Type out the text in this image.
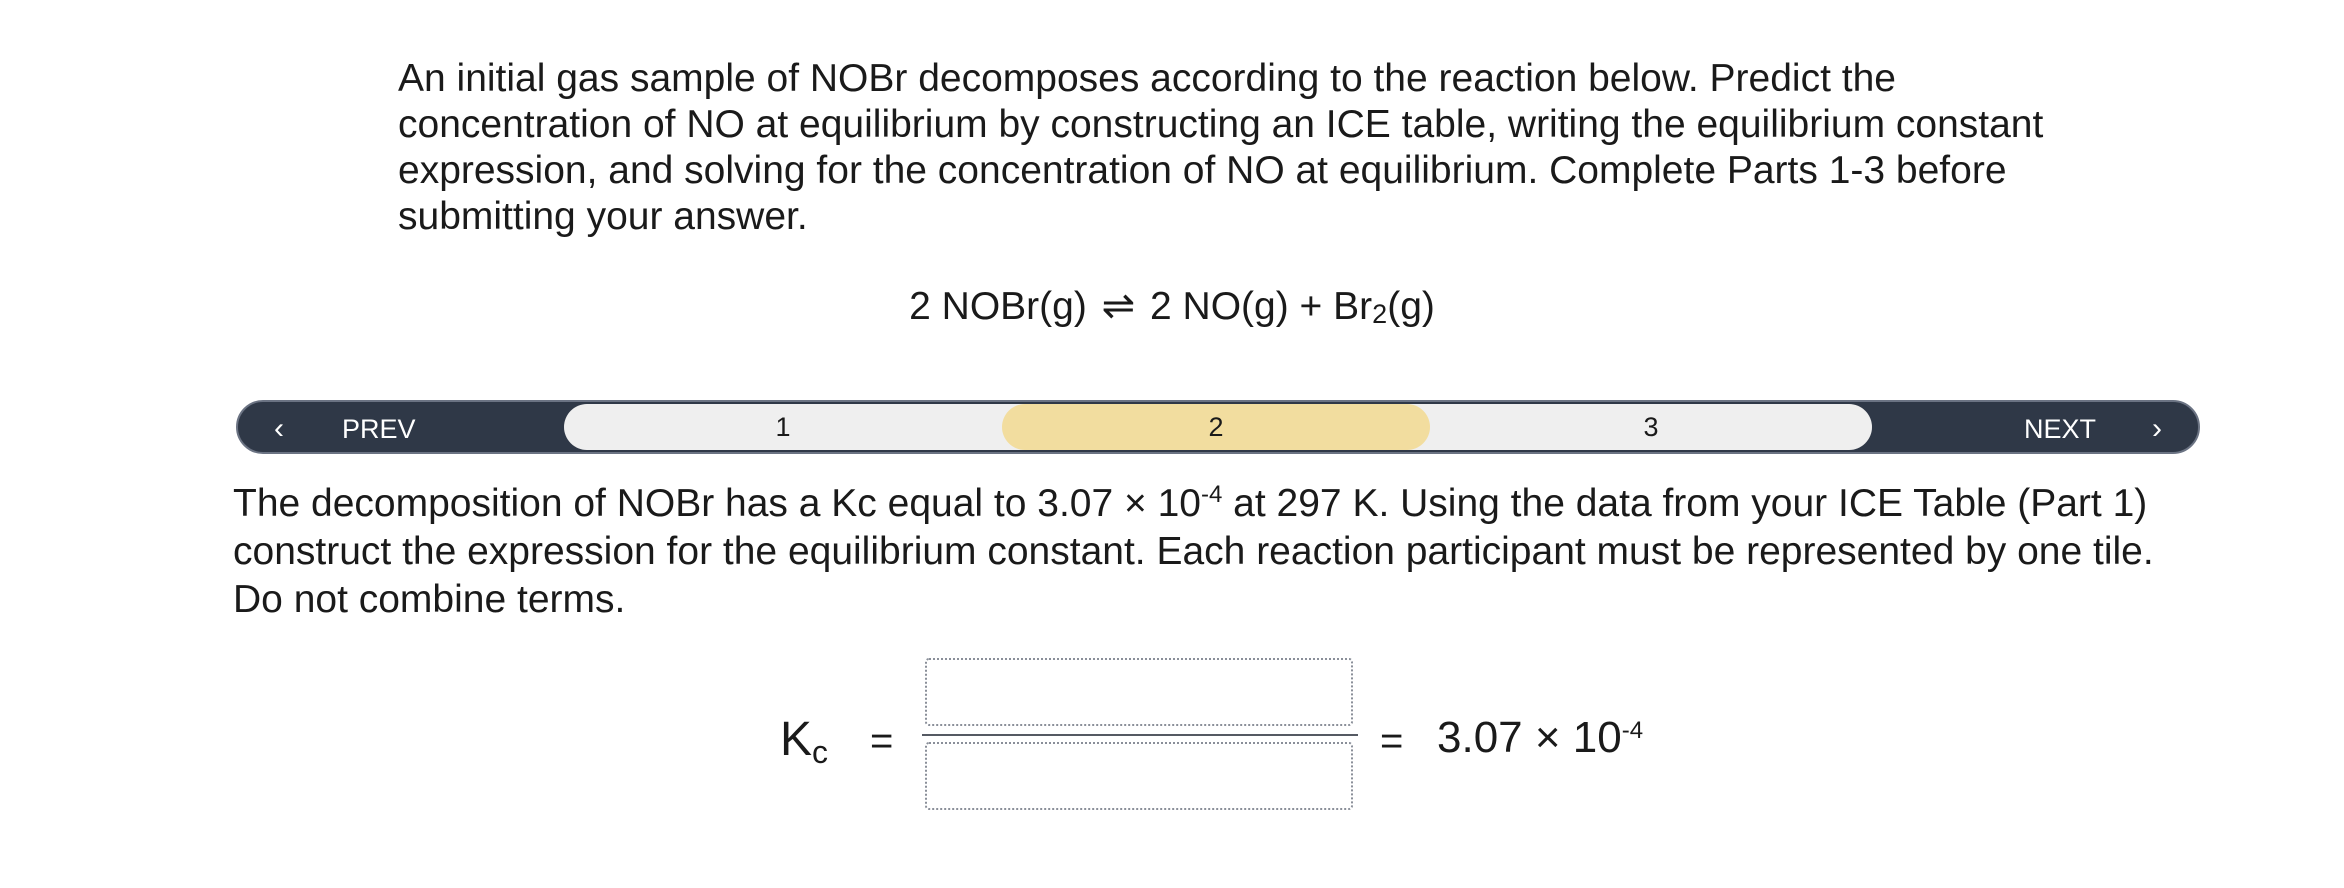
An initial gas sample of NOBr decomposes according to the reaction below. Predict the concentration of NO at equilibrium by constructing an ICE table, writing the equilibrium constant expression, and solving for the concentration of NO at equilibrium. Complete Parts 1-3 before submitting your answer.

2 NOBr(g) ⇌ 2 $NO(g) + Br_2(g)$
‹ PREV	1	2	3	NEXT ›

The decomposition of NOBr has a Kc equal to $3.07 \times 10^{-4}$ at 297 K. Using the data from your ICE Table (Part 1) construct the expression for the equilibrium constant. Each reaction participant must be represented by one tile. Do not combine terms.

$K_c$ =	= $3.07 \times 10^{-4}$
